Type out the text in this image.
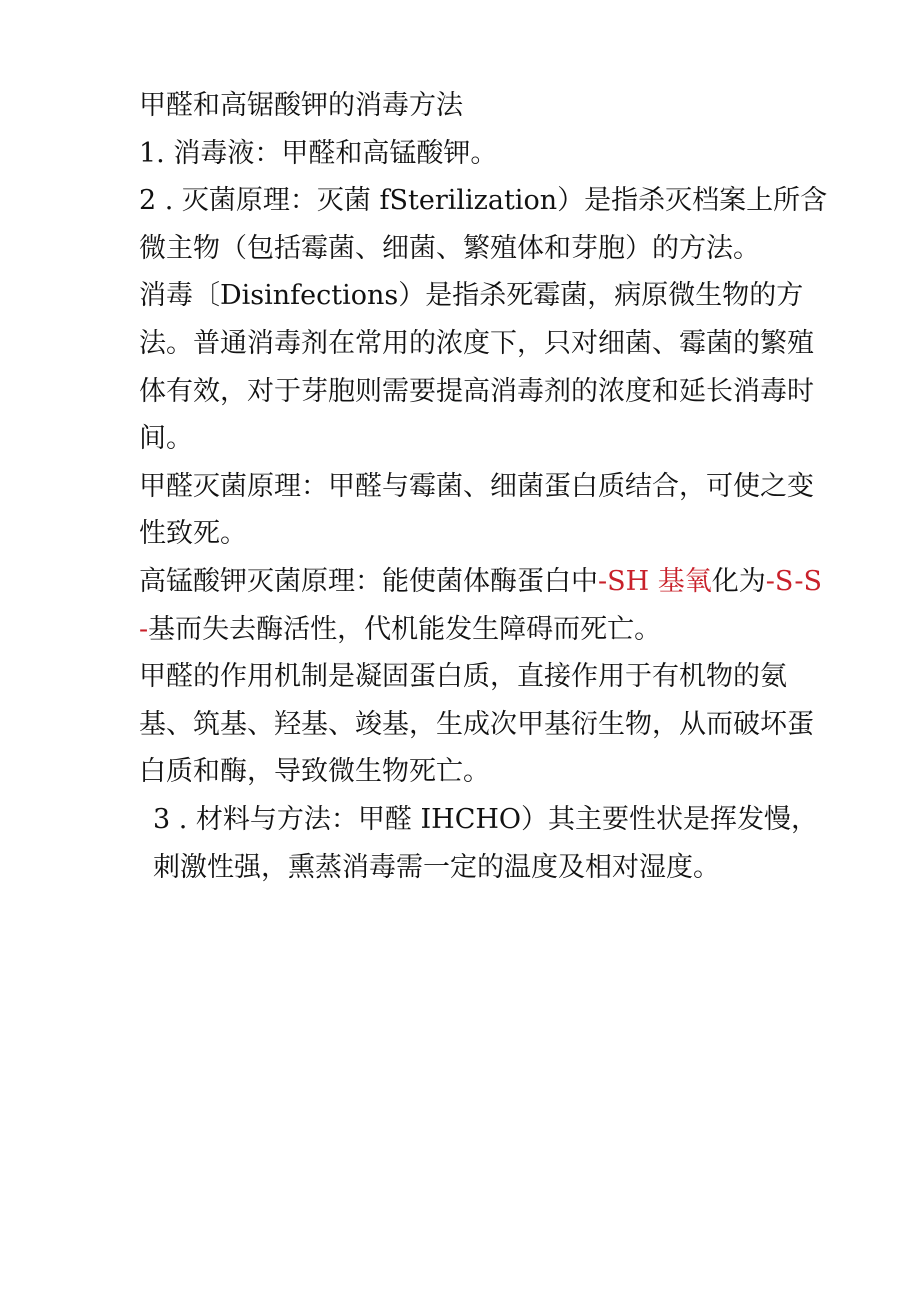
甲醛和高锯酸钾的消毒方法

1. 消毒液：甲醛和高锰酸钾。

2 . 灭菌原理：灭菌 fSterilization）是指杀灭档案上所含微主物（包括霉菌、细菌、繁殖体和芽胞）的方法。

消毒〔Disinfections）是指杀死霉菌，病原微生物的方法。普通消毒剂在常用的浓度下，只对细菌、霉菌的繁殖体有效，对于芽胞则需要提高消毒剂的浓度和延长消毒时间。

甲醛灭菌原理：甲醛与霉菌、细菌蛋白质结合，可使之变性致死。

高锰酸钾灭菌原理：能使菌体酶蛋白中-SH 基氧化为-S-S-基而失去酶活性，代机能发生障碍而死亡。

甲醛的作用机制是凝固蛋白质，直接作用于有机物的氨基、筑基、羟基、竣基，生成次甲基衍生物，从而破坏蛋白质和酶，导致微生物死亡。

3 . 材料与方法：甲醛 IHCHO）其主要性状是挥发慢，刺激性强，熏蒸消毒需一定的温度及相对湿度。
